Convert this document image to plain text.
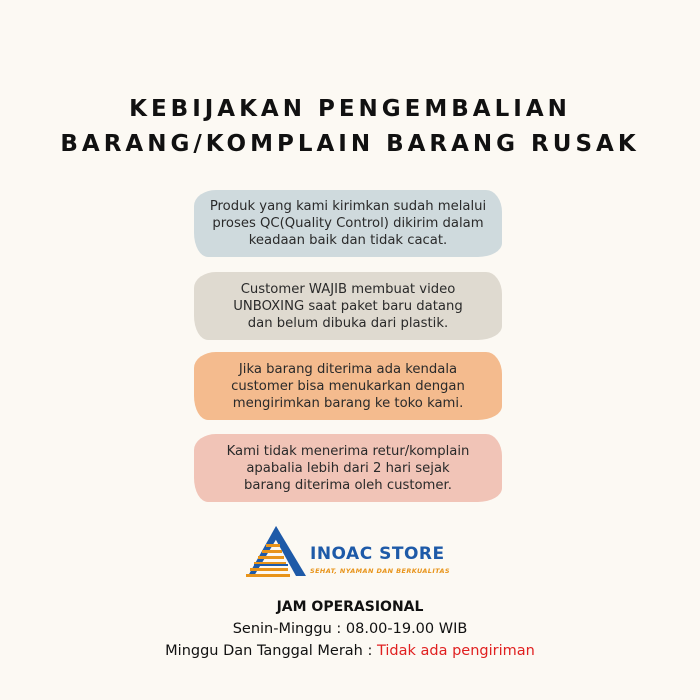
KEBIJAKAN PENGEMBALIAN
BARANG/KOMPLAIN BARANG RUSAK
Produk yang kami kirimkan sudah melalui
proses QC(Quality Control) dikirim dalam
keadaan baik dan tidak cacat.
Customer WAJIB membuat video
UNBOXING saat paket baru datang
dan belum dibuka dari plastik.
Jika barang diterima ada kendala
customer bisa menukarkan dengan
mengirimkan barang ke toko kami.
Kami tidak menerima retur/komplain
apabalia lebih dari 2 hari sejak
barang diterima oleh customer.
INOAC STORE
SEHAT, NYAMAN DAN BERKUALITAS
JAM OPERASIONAL
Senin-Minggu : 08.00-19.00 WIB
Minggu Dan Tanggal Merah : Tidak ada pengiriman
